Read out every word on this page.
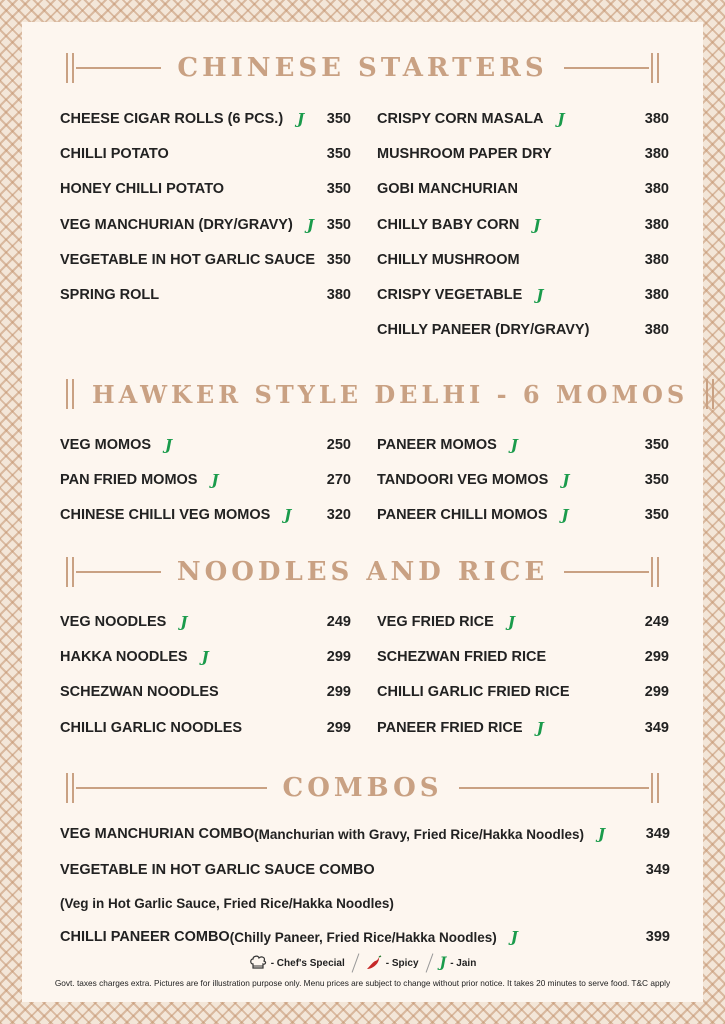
CHINESE STARTERS
CHEESE CIGAR ROLLS (6 PCS.) J 350
CHILLI POTATO	350
HONEY CHILLI POTATO	350
VEG MANCHURIAN (DRY/GRAVY) J 350
VEGETABLE IN HOT GARLIC SAUCE 350
SPRING ROLL	380
CRISPY CORN MASALA J	380
MUSHROOM PAPER DRY	380
GOBI MANCHURIAN	380
CHILLY BABY CORN J	380
CHILLY MUSHROOM	380
CRISPY VEGETABLE J	380
CHILLY PANEER (DRY/GRAVY)	380
HAWKER STYLE DELHI - 6 MOMOS
VEG MOMOS J	250
PAN FRIED MOMOS J	270
CHINESE CHILLI VEG MOMOS J 320
PANEER MOMOS J	350
TANDOORI VEG MOMOS J	350
PANEER CHILLI MOMOS J	350
NOODLES AND RICE
VEG NOODLES J	249
HAKKA NOODLES J	299
SCHEZWAN NOODLES	299
CHILLI GARLIC NOODLES	299
VEG FRIED RICE J	249
SCHEZWAN FRIED RICE	299
CHILLI GARLIC FRIED RICE	299
PANEER FRIED RICE J	349
COMBOS
VEG MANCHURIAN COMBO (Manchurian with Gravy, Fried Rice/Hakka Noodles) J	349
VEGETABLE IN HOT GARLIC SAUCE COMBO	349
(Veg in Hot Garlic Sauce, Fried Rice/Hakka Noodles)
CHILLI PANEER COMBO (Chilly Paneer, Fried Rice/Hakka Noodles) J	399
- Chef's Special	- Spicy J - Jain
Govt. taxes charges extra. Pictures are for illustration purpose only. Menu prices are subject to change without prior notice. It takes 20 minutes to serve food. T&C apply
